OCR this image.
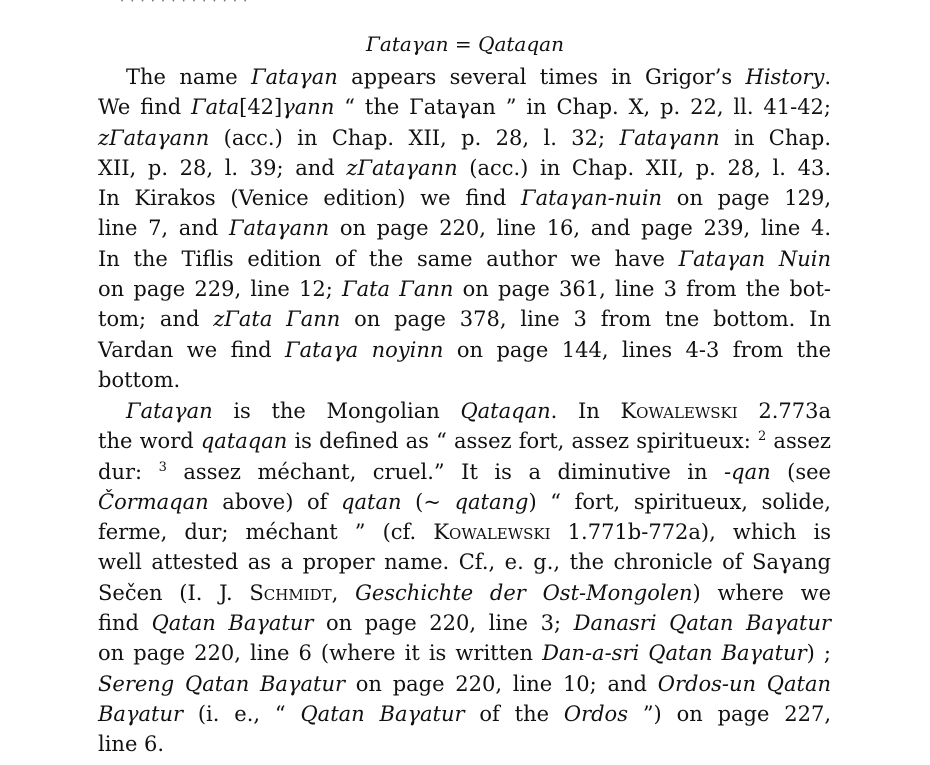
· · · · · · · · · · · · ·
Γataγan = Qataqan
The name Γataγan appears several times in Grigor’s History.
We find Γata[42]γann “ the Γataγan ” in Chap. X, p. 22, ll. 41-42;
zΓataγann (acc.) in Chap. XII, p. 28, l. 32; Γataγann in Chap.
XII, p. 28, l. 39; and zΓataγann (acc.) in Chap. XII, p. 28, l. 43.
In Kirakos (Venice edition) we find Γataγan-nuin on page 129,
line 7, and Γataγann on page 220, line 16, and page 239, line 4.
In the Tiflis edition of the same author we have Γataγan Nuin
on page 229, line 12; Γata Γann on page 361, line 3 from the bot-
tom; and zΓata Γann on page 378, line 3 from tne bottom. In
Vardan we find Γataγa noyinn on page 144, lines 4-3 from the
bottom.
Γataγan is the Mongolian Qataqan. In Kowalewski 2.773a
the word qataqan is defined as “ assez fort, assez spiritueux: $^2$ assez
dur: $^3$ assez méchant, cruel.” It is a diminutive in -qan (see
Čormaqan above) of qatan (~ qatang) “ fort, spiritueux, solide,
ferme, dur; méchant ” (cf. Kowalewski 1.771b-772a), which is
well attested as a proper name. Cf., e. g., the chronicle of Saγang
Sečen (I. J. Schmidt, Geschichte der Ost-Mongolen) where we
find Qatan Baγatur on page 220, line 3; Danasri Qatan Baγatur
on page 220, line 6 (where it is written Dan-a-sri Qatan Baγatur) ;
Sereng Qatan Baγatur on page 220, line 10; and Ordos-un Qatan
Baγatur (i. e., “ Qatan Baγatur of the Ordos ”) on page 227,
line 6.
